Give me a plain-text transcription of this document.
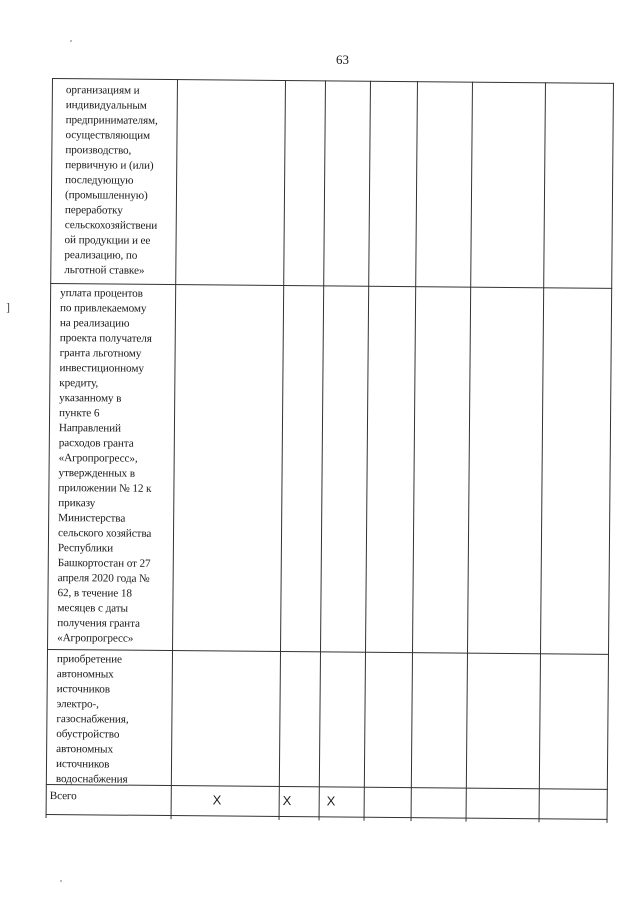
63
]
организациям и
индивидуальным
предпринимателям,
осуществляющим
производство,
первичную и (или)
последующую
(промышленную)
переработку
сельскохозяйствени
ой продукции и ее
реализацию, по
льготной ставке»
уплата процентов
по привлекаемому
на реализацию
проекта получателя
гранта льготному
инвестиционному
кредиту,
указанному в
пункте 6
Направлений
расходов гранта
«Агропрогресс»,
утвержденных в
приложении № 12 к
приказу
Министерства
сельского хозяйства
Республики
Башкортостан от 27
апреля 2020 года №
62, в течение 18
месяцев с даты
получения гранта
«Агропрогресс»
приобретение
автономных
источников
электро-,
газоснабжения,
обустройство
автономных
источников
водоснабжения
Всего	Х	Х	Х
